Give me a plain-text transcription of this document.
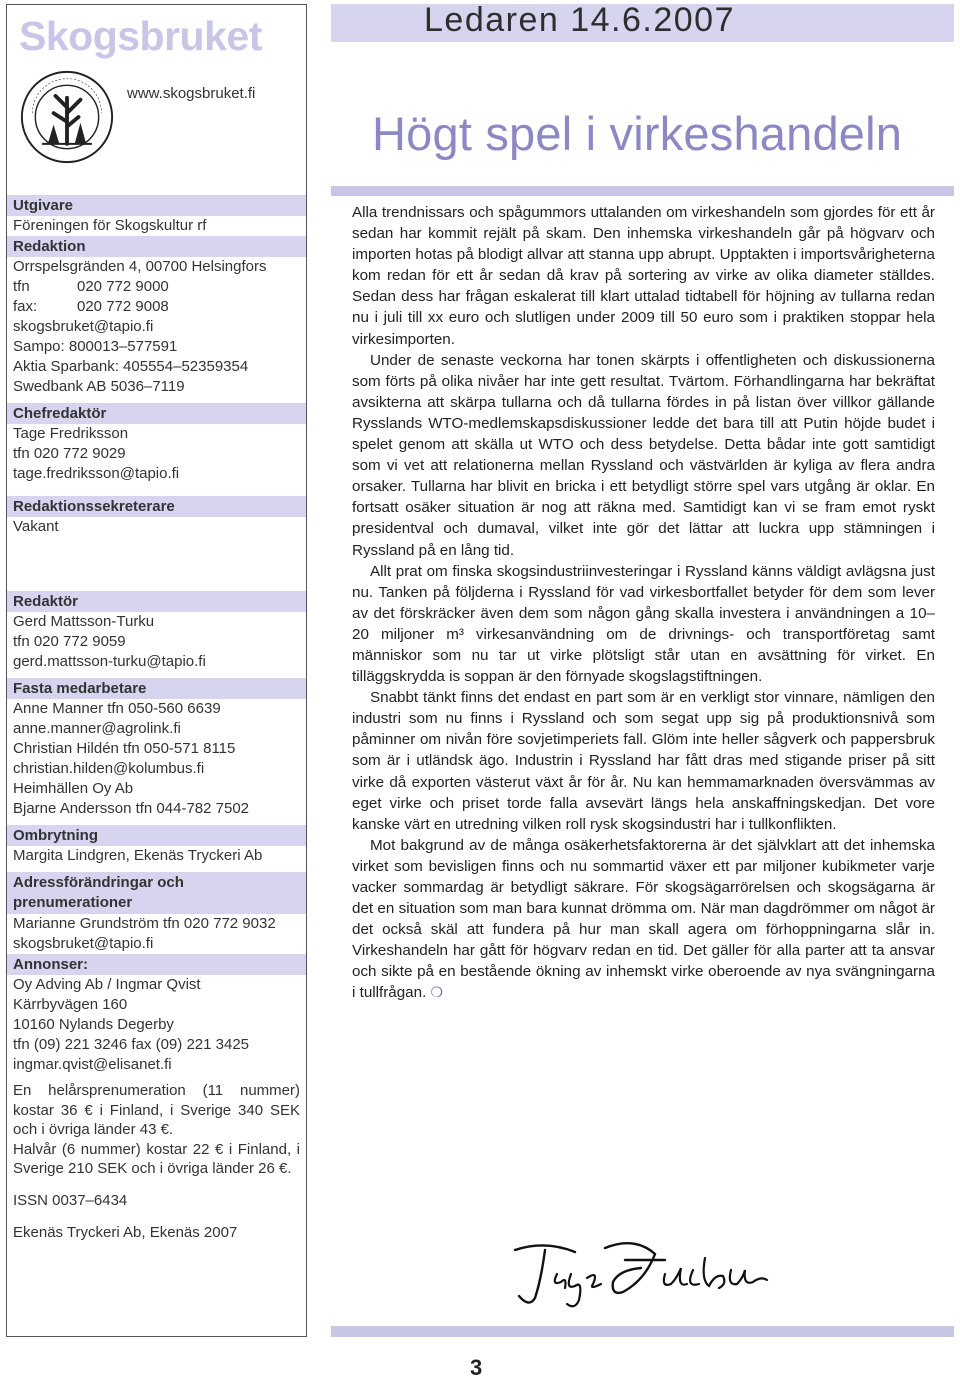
Skogsbruket
www.skogsbruket.fi
Utgivare
Föreningen för Skogskultur rf
Redaktion
Orrspelsgränden 4, 00700 Helsingfors
tfn	020 772 9000
fax:	020 772 9008
skogsbruket@tapio.fi
Sampo: 800013–577591
Aktia Sparbank: 405554–52359354
Swedbank AB 5036–7119
Chefredaktör
Tage Fredriksson
tfn 020 772 9029
tage.fredriksson@tapio.fi
Redaktionssekreterare
Vakant
Redaktör
Gerd Mattsson-Turku
tfn 020 772 9059
gerd.mattsson-turku@tapio.fi
Fasta medarbetare
Anne Manner tfn 050-560 6639
anne.manner@agrolink.fi
Christian Hildén tfn 050-571 8115
christian.hilden@kolumbus.fi
Heimhällen Oy Ab
Bjarne Andersson tfn 044-782 7502
Ombrytning
Margita Lindgren, Ekenäs Tryckeri Ab
Adressförändringar och prenumerationer
Marianne Grundström tfn 020 772 9032
skogsbruket@tapio.fi
Annonser:
Oy Adving Ab / Ingmar Qvist
Kärrbyvägen 160
10160 Nylands Degerby
tfn (09) 221 3246 fax (09) 221 3425
ingmar.qvist@elisanet.fi
En helårsprenumeration (11 nummer) kostar 36 € i Finland, i Sverige 340 SEK och i övriga länder 43 €.
Halvår (6 nummer) kostar 22 € i Finland, i Sverige 210 SEK och i övriga länder 26 €.
ISSN 0037–6434
Ekenäs Tryckeri Ab, Ekenäs 2007
Ledaren 14.6.2007
Högt spel i virkeshandeln

Alla trendnissars och spågummors uttalanden om virkeshandeln som gjordes för ett år sedan har kommit rejält på skam. Den inhemska virkeshandeln går på högvarv och importen hotas på blodigt allvar att stanna upp abrupt. Upptakten i importsvårigheterna kom redan för ett år sedan då krav på sortering av virke av olika diameter ställdes. Sedan dess har frågan eskalerat till klart uttalad tidtabell för höjning av tullarna redan nu i juli till xx euro och slutligen under 2009 till 50 euro som i praktiken stoppar hela virkesimporten.

Under de senaste veckorna har tonen skärpts i offentligheten och diskussionerna som förts på olika nivåer har inte gett resultat. Tvärtom. Förhandlingarna har bekräftat avsikterna att skärpa tullarna och då tullarna fördes in på listan över villkor gällande Rysslands WTO-medlemskapsdiskussioner ledde det bara till att Putin höjde budet i spelet genom att skälla ut WTO och dess betydelse. Detta bådar inte gott samtidigt som vi vet att relationerna mellan Ryssland och västvärlden är kyliga av flera andra orsaker. Tullarna har blivit en bricka i ett betydligt större spel vars utgång är oklar. En fortsatt osäker situation är nog att räkna med. Samtidigt kan vi se fram emot ryskt presidentval och dumaval, vilket inte gör det lättar att luckra upp stämningen i Ryssland på en lång tid.

Allt prat om finska skogsindustriinvesteringar i Ryssland känns väldigt avlägsna just nu. Tanken på följderna i Ryssland för vad virkesbortfallet betyder för dem som lever av det förskräcker även dem som någon gång skalla investera i användningen a 10–20 miljoner m³ virkesanvändning om de drivnings- och transportföretag samt människor som nu tar ut virke plötsligt står utan en avsättning för virket. En tilläggskrydda is soppan är den förnyade skogslagstiftningen.

Snabbt tänkt finns det endast en part som är en verkligt stor vinnare, nämligen den industri som nu finns i Ryssland och som segat upp sig på produktionsnivå som påminner om nivån före sovjetimperiets fall. Glöm inte heller sågverk och pappersbruk som är i utländsk ägo. Industrin i Ryssland har fått dras med stigande priser på sitt virke då exporten västerut växt år för år. Nu kan hemmamarknaden översvämmas av eget virke och priset torde falla avsevärt längs hela anskaffningskedjan. Det vore kanske värt en utredning vilken roll rysk skogsindustri har i tullkonflikten.

Mot bakgrund av de många osäkerhetsfaktorerna är det självklart att det inhemska virket som bevisligen finns och nu sommartid växer ett par miljoner kubikmeter varje vacker sommardag är betydligt säkrare. För skogsägarrörelsen och skogsägarna är det en situation som man bara kunnat drömma om. När man dagdrömmer om något är det också skäl att fundera på hur man skall agera om förhoppningarna slår in. Virkeshandeln har gått för högvarv redan en tid. Det gäller för alla parter att ta ansvar och sikte på en bestående ökning av inhemskt virke oberoende av nya svängningarna i tullfrågan. ❍

3
